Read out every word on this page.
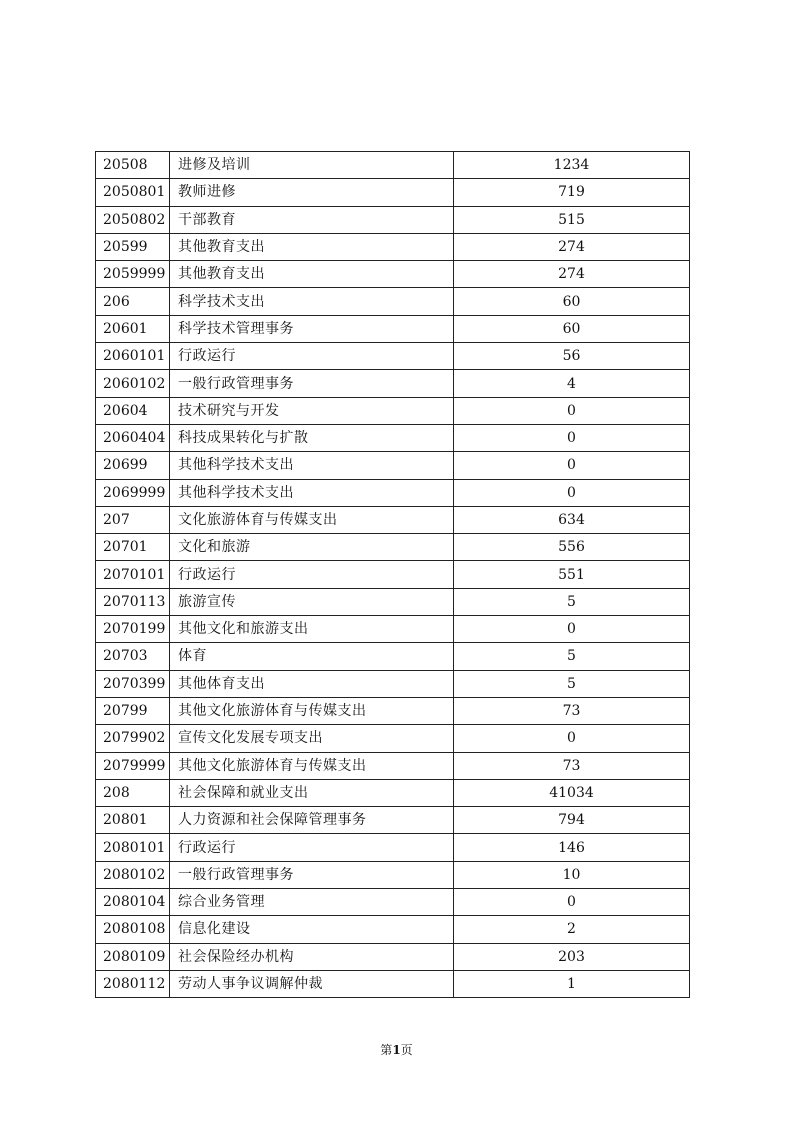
20508	进修及培训	1234
2050801	教师进修	719
2050802	干部教育	515
20599	其他教育支出	274
2059999	其他教育支出	274
206	科学技术支出	60
20601	科学技术管理事务	60
2060101	行政运行	56
2060102	一般行政管理事务	4
20604	技术研究与开发	0
2060404	科技成果转化与扩散	0
20699	其他科学技术支出	0
2069999	其他科学技术支出	0
207	文化旅游体育与传媒支出	634
20701	文化和旅游	556
2070101	行政运行	551
2070113	旅游宣传	5
2070199	其他文化和旅游支出	0
20703	体育	5
2070399	其他体育支出	5
20799	其他文化旅游体育与传媒支出	73
2079902	宣传文化发展专项支出	0
2079999	其他文化旅游体育与传媒支出	73
208	社会保障和就业支出	41034
20801	人力资源和社会保障管理事务	794
2080101	行政运行	146
2080102	一般行政管理事务	10
2080104	综合业务管理	0
2080108	信息化建设	2
2080109	社会保险经办机构	203
2080112	劳动人事争议调解仲裁	1
第1页
